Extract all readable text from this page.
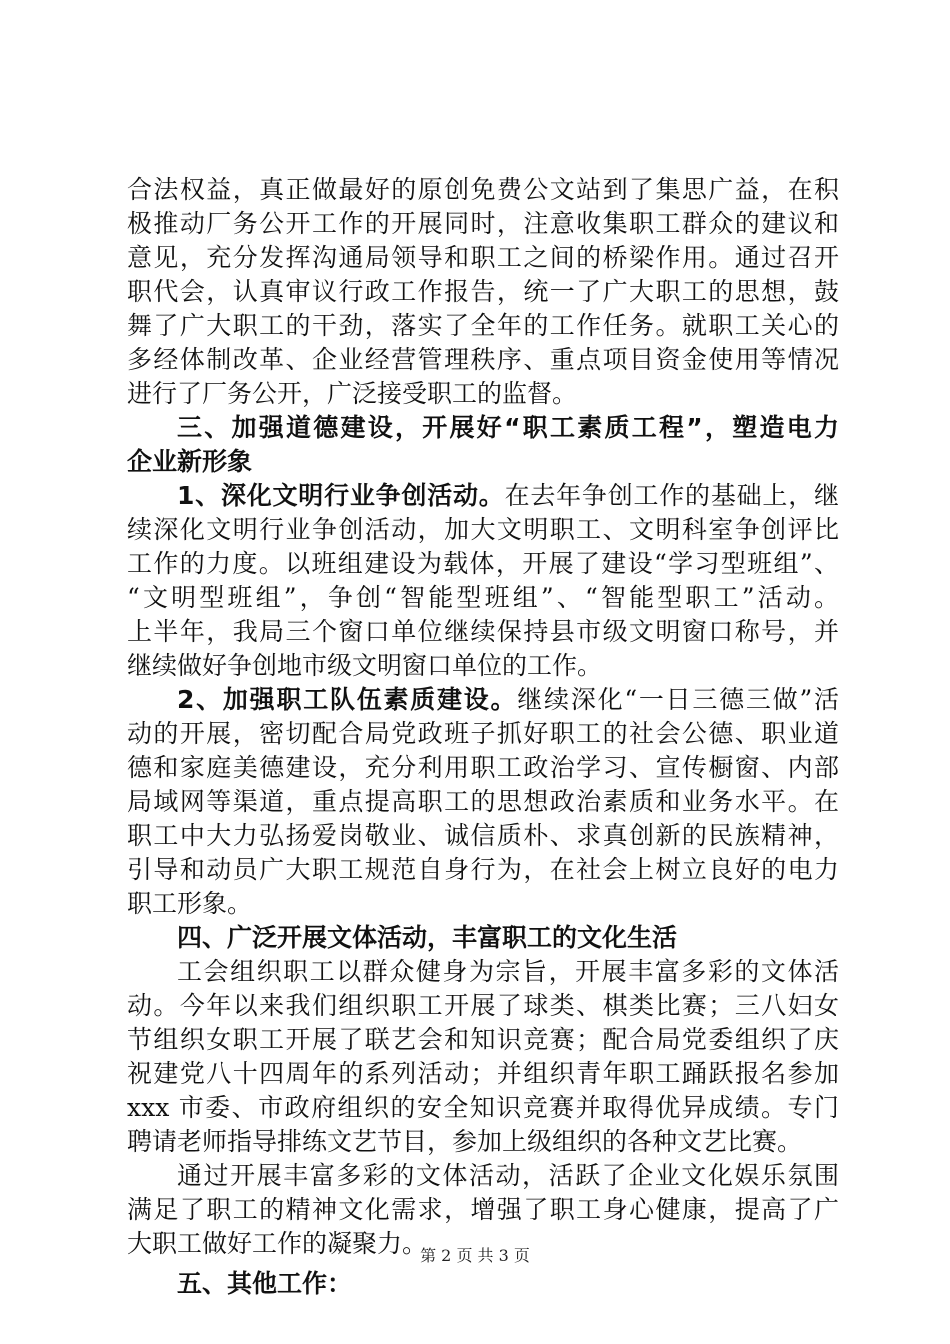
合法权益，真正做最好的原创免费公文站到了集思广益，在积
极推动厂务公开工作的开展同时，注意收集职工群众的建议和
意见，充分发挥沟通局领导和职工之间的桥梁作用。通过召开
职代会，认真审议行政工作报告，统一了广大职工的思想，鼓
舞了广大职工的干劲，落实了全年的工作任务。就职工关心的
多经体制改革、企业经营管理秩序、重点项目资金使用等情况
进行了厂务公开，广泛接受职工的监督。
三、加强道德建设，开展好“职工素质工程”，塑造电力
企业新形象
1、深化文明行业争创活动。在去年争创工作的基础上，继
续深化文明行业争创活动，加大文明职工、文明科室争创评比
工作的力度。以班组建设为载体，开展了建设“学习型班组”、
“文明型班组”，争创“智能型班组”、“智能型职工”活动。
上半年，我局三个窗口单位继续保持县市级文明窗口称号，并
继续做好争创地市级文明窗口单位的工作。
2、加强职工队伍素质建设。继续深化“一日三德三做”活
动的开展，密切配合局党政班子抓好职工的社会公德、职业道
德和家庭美德建设，充分利用职工政治学习、宣传橱窗、内部
局域网等渠道，重点提高职工的思想政治素质和业务水平。在
职工中大力弘扬爱岗敬业、诚信质朴、求真创新的民族精神，
引导和动员广大职工规范自身行为，在社会上树立良好的电力
职工形象。
四、广泛开展文体活动，丰富职工的文化生活
工会组织职工以群众健身为宗旨，开展丰富多彩的文体活
动。今年以来我们组织职工开展了球类、棋类比赛；三八妇女
节组织女职工开展了联艺会和知识竞赛；配合局党委组织了庆
祝建党八十四周年的系列活动；并组织青年职工踊跃报名参加
xxx 市委、市政府组织的安全知识竞赛并取得优异成绩。专门
聘请老师指导排练文艺节目，参加上级组织的各种文艺比赛。
通过开展丰富多彩的文体活动，活跃了企业文化娱乐氛围
满足了职工的精神文化需求，增强了职工身心健康，提高了广
大职工做好工作的凝聚力。
五、其他工作：
第 2 页 共 3 页
